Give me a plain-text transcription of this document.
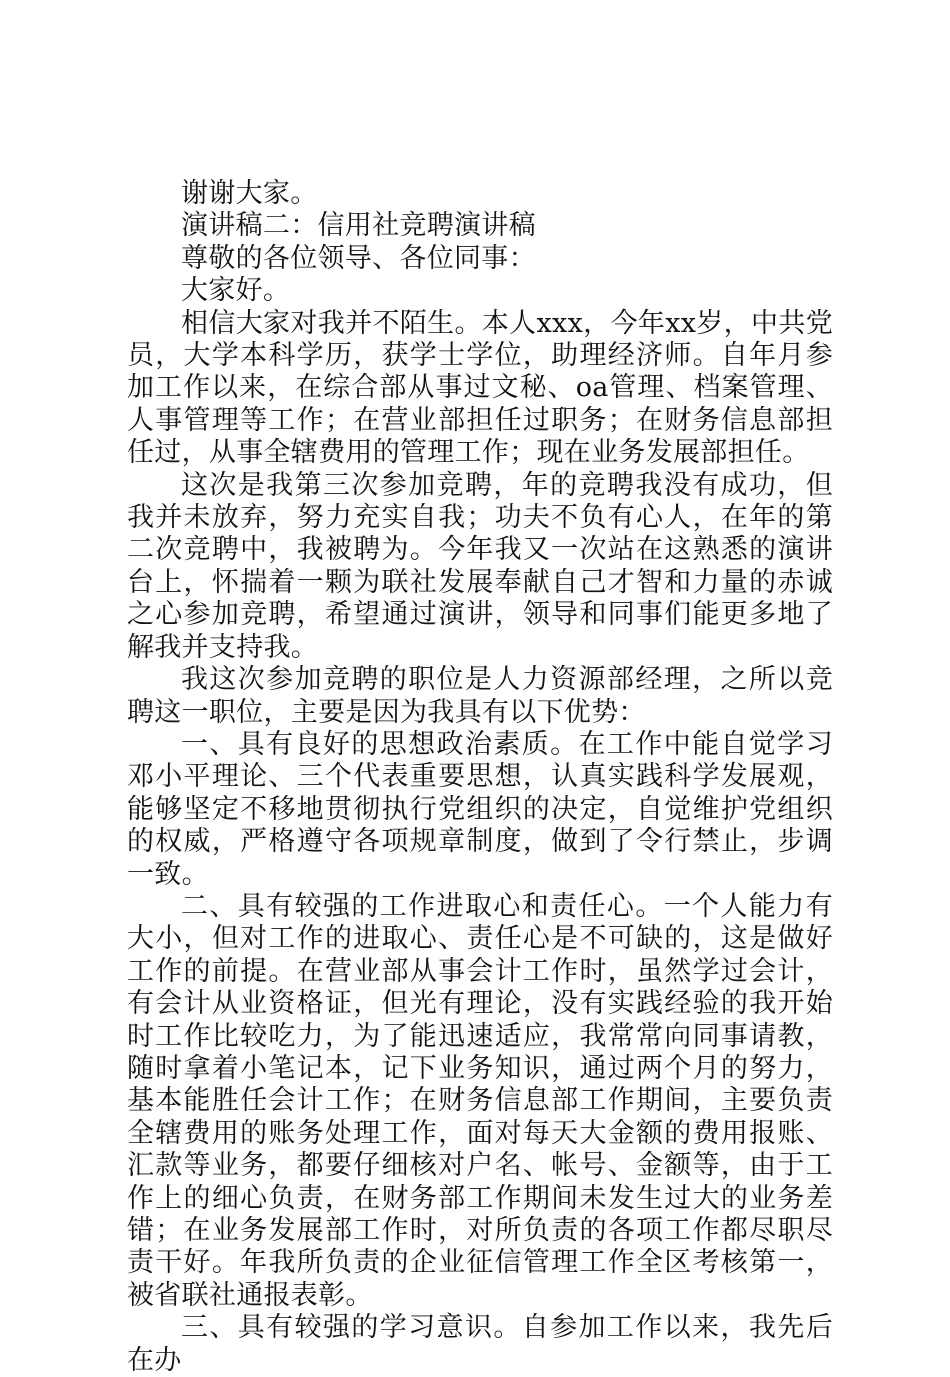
谢谢大家。

演讲稿二：信用社竞聘演讲稿

尊敬的各位领导、各位同事：

大家好。

相信大家对我并不陌生。本人xxx，今年xx岁，中共党员，大学本科学历，获学士学位，助理经济师。自年月参加工作以来，在综合部从事过文秘、oa管理、档案管理、人事管理等工作；在营业部担任过职务；在财务信息部担任过，从事全辖费用的管理工作；现在业务发展部担任。

这次是我第三次参加竞聘，年的竞聘我没有成功，但我并未放弃，努力充实自我；功夫不负有心人，在年的第二次竞聘中，我被聘为。今年我又一次站在这熟悉的演讲台上，怀揣着一颗为联社发展奉献自己才智和力量的赤诚之心参加竞聘，希望通过演讲，领导和同事们能更多地了解我并支持我。

我这次参加竞聘的职位是人力资源部经理，之所以竞聘这一职位，主要是因为我具有以下优势：

一、具有良好的思想政治素质。在工作中能自觉学习邓小平理论、三个代表重要思想，认真实践科学发展观，能够坚定不移地贯彻执行党组织的决定，自觉维护党组织的权威，严格遵守各项规章制度，做到了令行禁止，步调一致。

二、具有较强的工作进取心和责任心。一个人能力有大小，但对工作的进取心、责任心是不可缺的，这是做好工作的前提。在营业部从事会计工作时，虽然学过会计，有会计从业资格证，但光有理论，没有实践经验的我开始时工作比较吃力，为了能迅速适应，我常常向同事请教，随时拿着小笔记本，记下业务知识，通过两个月的努力，基本能胜任会计工作；在财务信息部工作期间，主要负责全辖费用的账务处理工作，面对每天大金额的费用报账、汇款等业务，都要仔细核对户名、帐号、金额等，由于工作上的细心负责，在财务部工作期间未发生过大的业务差错；在业务发展部工作时，对所负责的各项工作都尽职尽责干好。年我所负责的企业征信管理工作全区考核第一，被省联社通报表彰。

三、具有较强的学习意识。自参加工作以来，我先后在办
